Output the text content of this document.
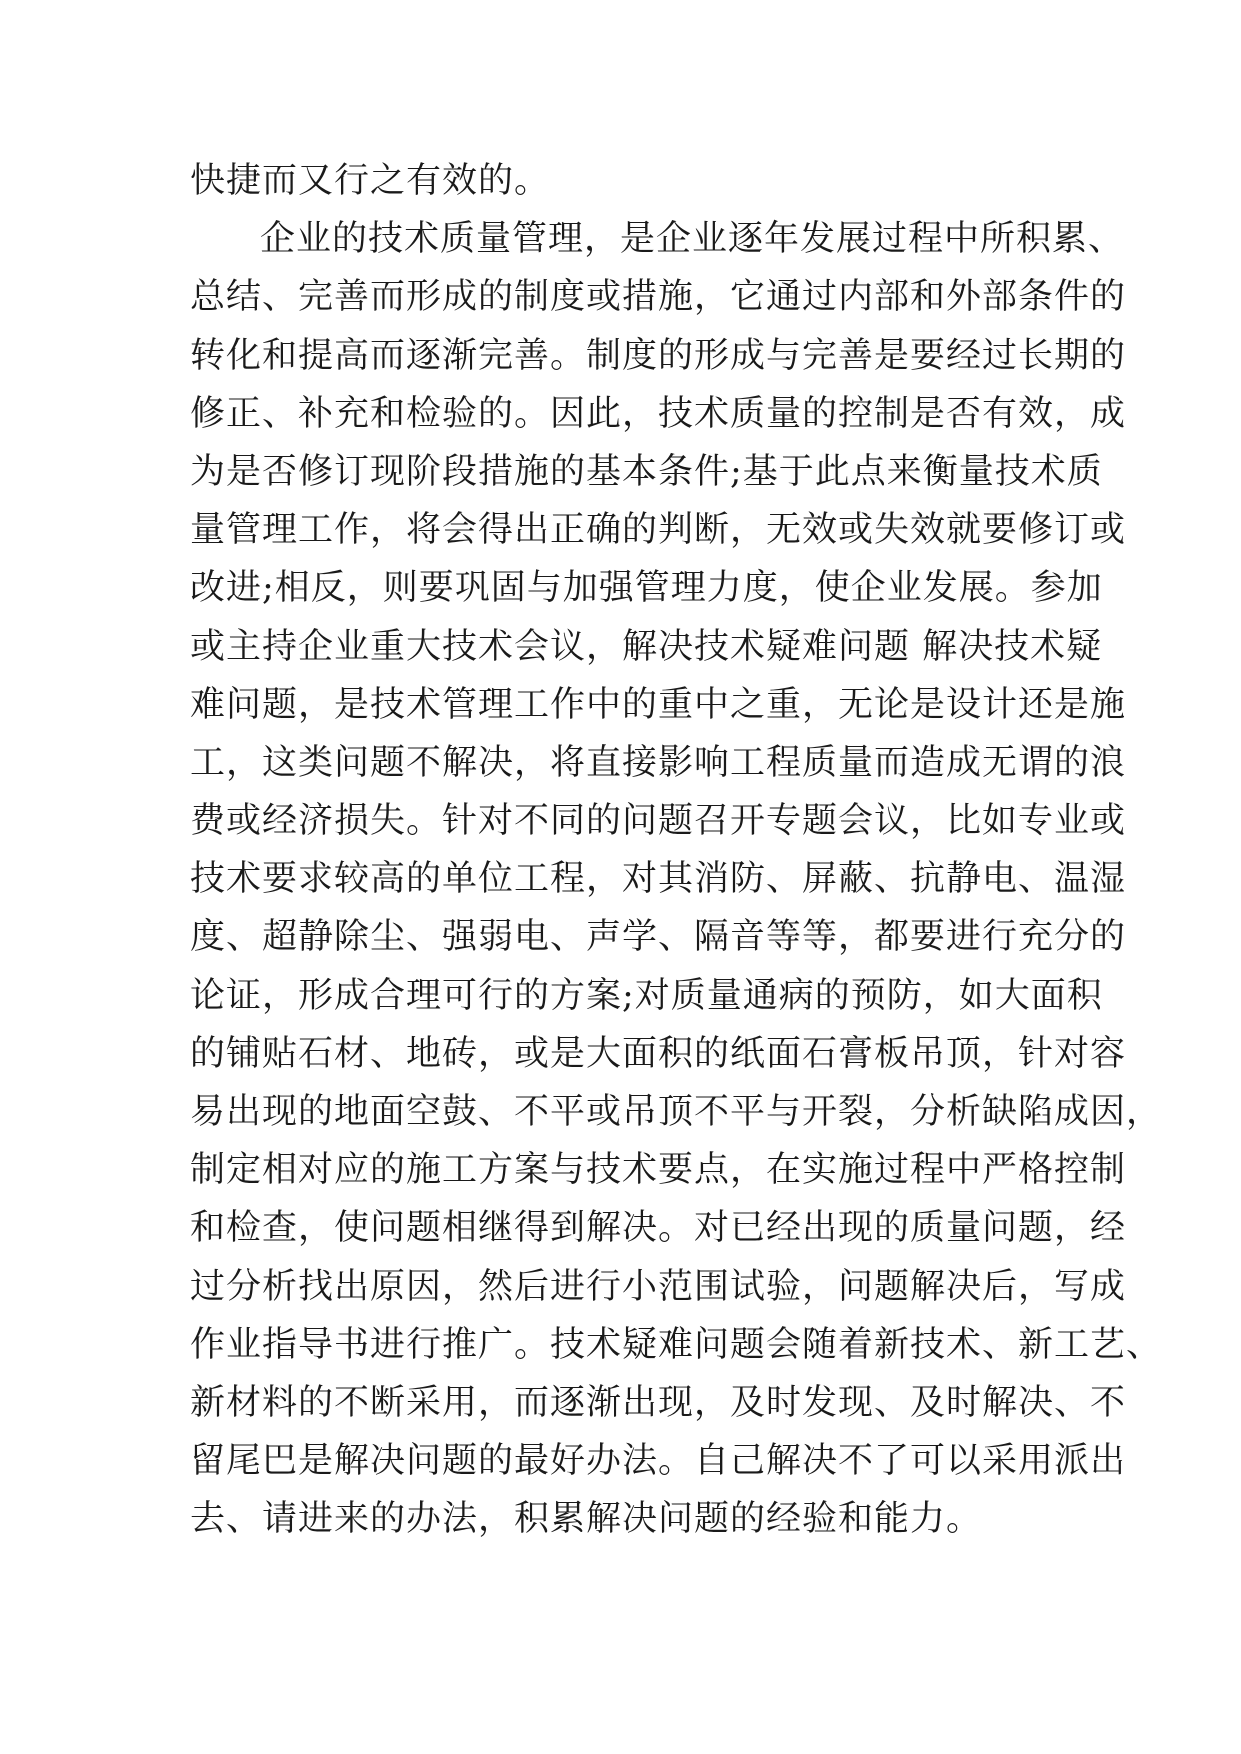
快捷而又行之有效的。
企业的技术质量管理，是企业逐年发展过程中所积累、
总结、完善而形成的制度或措施，它通过内部和外部条件的
转化和提高而逐渐完善。制度的形成与完善是要经过长期的
修正、补充和检验的。因此，技术质量的控制是否有效，成
为是否修订现阶段措施的基本条件;基于此点来衡量技术质
量管理工作，将会得出正确的判断，无效或失效就要修订或
改进;相反，则要巩固与加强管理力度，使企业发展。参加
或主持企业重大技术会议，解决技术疑难问题 解决技术疑
难问题，是技术管理工作中的重中之重，无论是设计还是施
工，这类问题不解决，将直接影响工程质量而造成无谓的浪
费或经济损失。针对不同的问题召开专题会议，比如专业或
技术要求较高的单位工程，对其消防、屏蔽、抗静电、温湿
度、超静除尘、强弱电、声学、隔音等等，都要进行充分的
论证，形成合理可行的方案;对质量通病的预防，如大面积
的铺贴石材、地砖，或是大面积的纸面石膏板吊顶，针对容
易出现的地面空鼓、不平或吊顶不平与开裂，分析缺陷成因，
制定相对应的施工方案与技术要点，在实施过程中严格控制
和检查，使问题相继得到解决。对已经出现的质量问题，经
过分析找出原因，然后进行小范围试验，问题解决后，写成
作业指导书进行推广。技术疑难问题会随着新技术、新工艺、
新材料的不断采用，而逐渐出现，及时发现、及时解决、不
留尾巴是解决问题的最好办法。自己解决不了可以采用派出
去、请进来的办法，积累解决问题的经验和能力。
